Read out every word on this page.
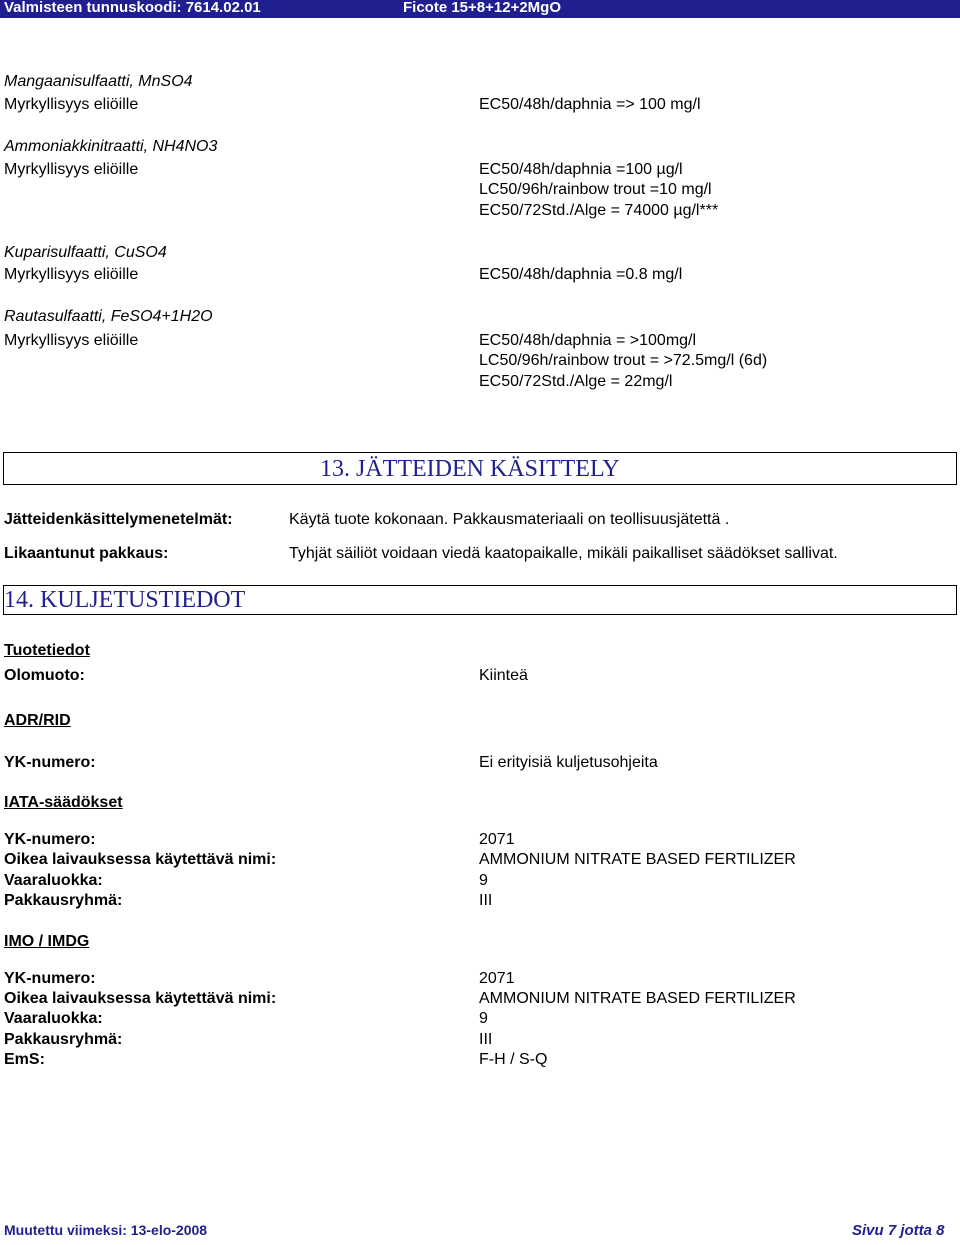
Valmisteen tunnuskoodi: 7614.02.01	Ficote 15+8+12+2MgO
Mangaanisulfaatti, MnSO4
Myrkyllisyys eliöille	EC50/48h/daphnia => 100 mg/l
Ammoniakkinitraatti, NH4NO3
Myrkyllisyys eliöille	EC50/48h/daphnia =100 µg/l
LC50/96h/rainbow trout =10 mg/l
EC50/72Std./Alge = 74000 µg/l***
Kuparisulfaatti, CuSO4
Myrkyllisyys eliöille	EC50/48h/daphnia =0.8 mg/l
Rautasulfaatti, FeSO4+1H2O
Myrkyllisyys eliöille	EC50/48h/daphnia = >100mg/l
LC50/96h/rainbow trout = >72.5mg/l (6d)
EC50/72Std./Alge = 22mg/l
13. JÄTTEIDEN KÄSITTELY
Jätteidenkäsittelymenetelmät:	Käytä tuote kokonaan. Pakkausmateriaali on teollisuusjätettä .
Likaantunut pakkaus:	Tyhjät säiliöt voidaan viedä kaatopaikalle, mikäli paikalliset säädökset sallivat.
14. KULJETUSTIEDOT
Tuotetiedot
Olomuoto:	Kiinteä
ADR/RID
YK-numero:	Ei erityisiä kuljetusohjeita
IATA-säädökset
YK-numero:	2071
Oikea laivauksessa käytettävä nimi:	AMMONIUM NITRATE BASED FERTILIZER
Vaaraluokka:	9
Pakkausryhmä:	III
IMO / IMDG
YK-numero:	2071
Oikea laivauksessa käytettävä nimi:	AMMONIUM NITRATE BASED FERTILIZER
Vaaraluokka:	9
Pakkausryhmä:	III
EmS:	F-H / S-Q
Muutettu viimeksi: 13-elo-2008	Sivu 7 jotta 8
